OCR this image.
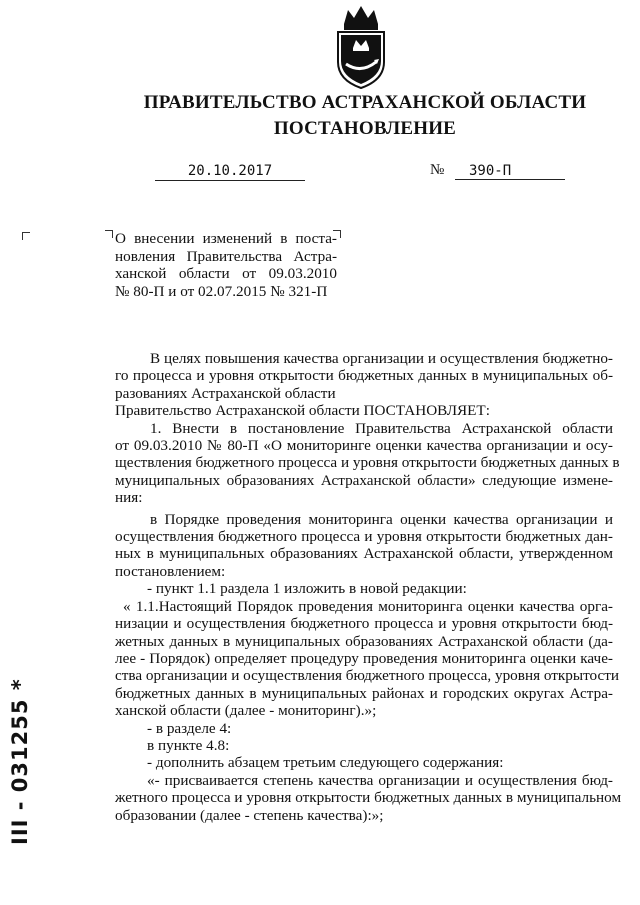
ПРАВИТЕЛЬСТВО АСТРАХАНСКОЙ ОБЛАСТИ
ПОСТАНОВЛЕНИЕ
20.10.2017	№	390-П
О внесении изменений в поста-
новления Правительства Астра-
ханской области от 09.03.2010
№ 80-П и от 02.07.2015 № 321-П
В целях повышения качества организации и осуществления бюджетно-
го процесса и уровня открытости бюджетных данных в муниципальных об-
разованиях Астраханской области
Правительство Астраханской области ПОСТАНОВЛЯЕТ:
1. Внести в постановление Правительства Астраханской области
от 09.03.2010 № 80-П «О мониторинге оценки качества организации и осу-
ществления бюджетного процесса и уровня открытости бюджетных данных в
муниципальных образованиях Астраханской области» следующие измене-
ния:
в Порядке проведения мониторинга оценки качества организации и
осуществления бюджетного процесса и уровня открытости бюджетных дан-
ных в муниципальных образованиях Астраханской области, утвержденном
постановлением:
- пункт 1.1 раздела 1 изложить в новой редакции:
« 1.1.Настоящий Порядок проведения мониторинга оценки качества орга-
низации и осуществления бюджетного процесса и уровня открытости бюд-
жетных данных в муниципальных образованиях Астраханской области (да-
лее - Порядок) определяет процедуру проведения мониторинга оценки каче-
ства организации и осуществления бюджетного процесса, уровня открытости
бюджетных данных в муниципальных районах и городских округах Астра-
ханской области (далее - мониторинг).»;
- в разделе 4:
в пункте 4.8:
- дополнить абзацем третьим следующего содержания:
«- присваивается степень качества организации и осуществления бюд-
жетного процесса и уровня открытости бюджетных данных в муниципальном
образовании (далее - степень качества):»;
III - 031255 *
